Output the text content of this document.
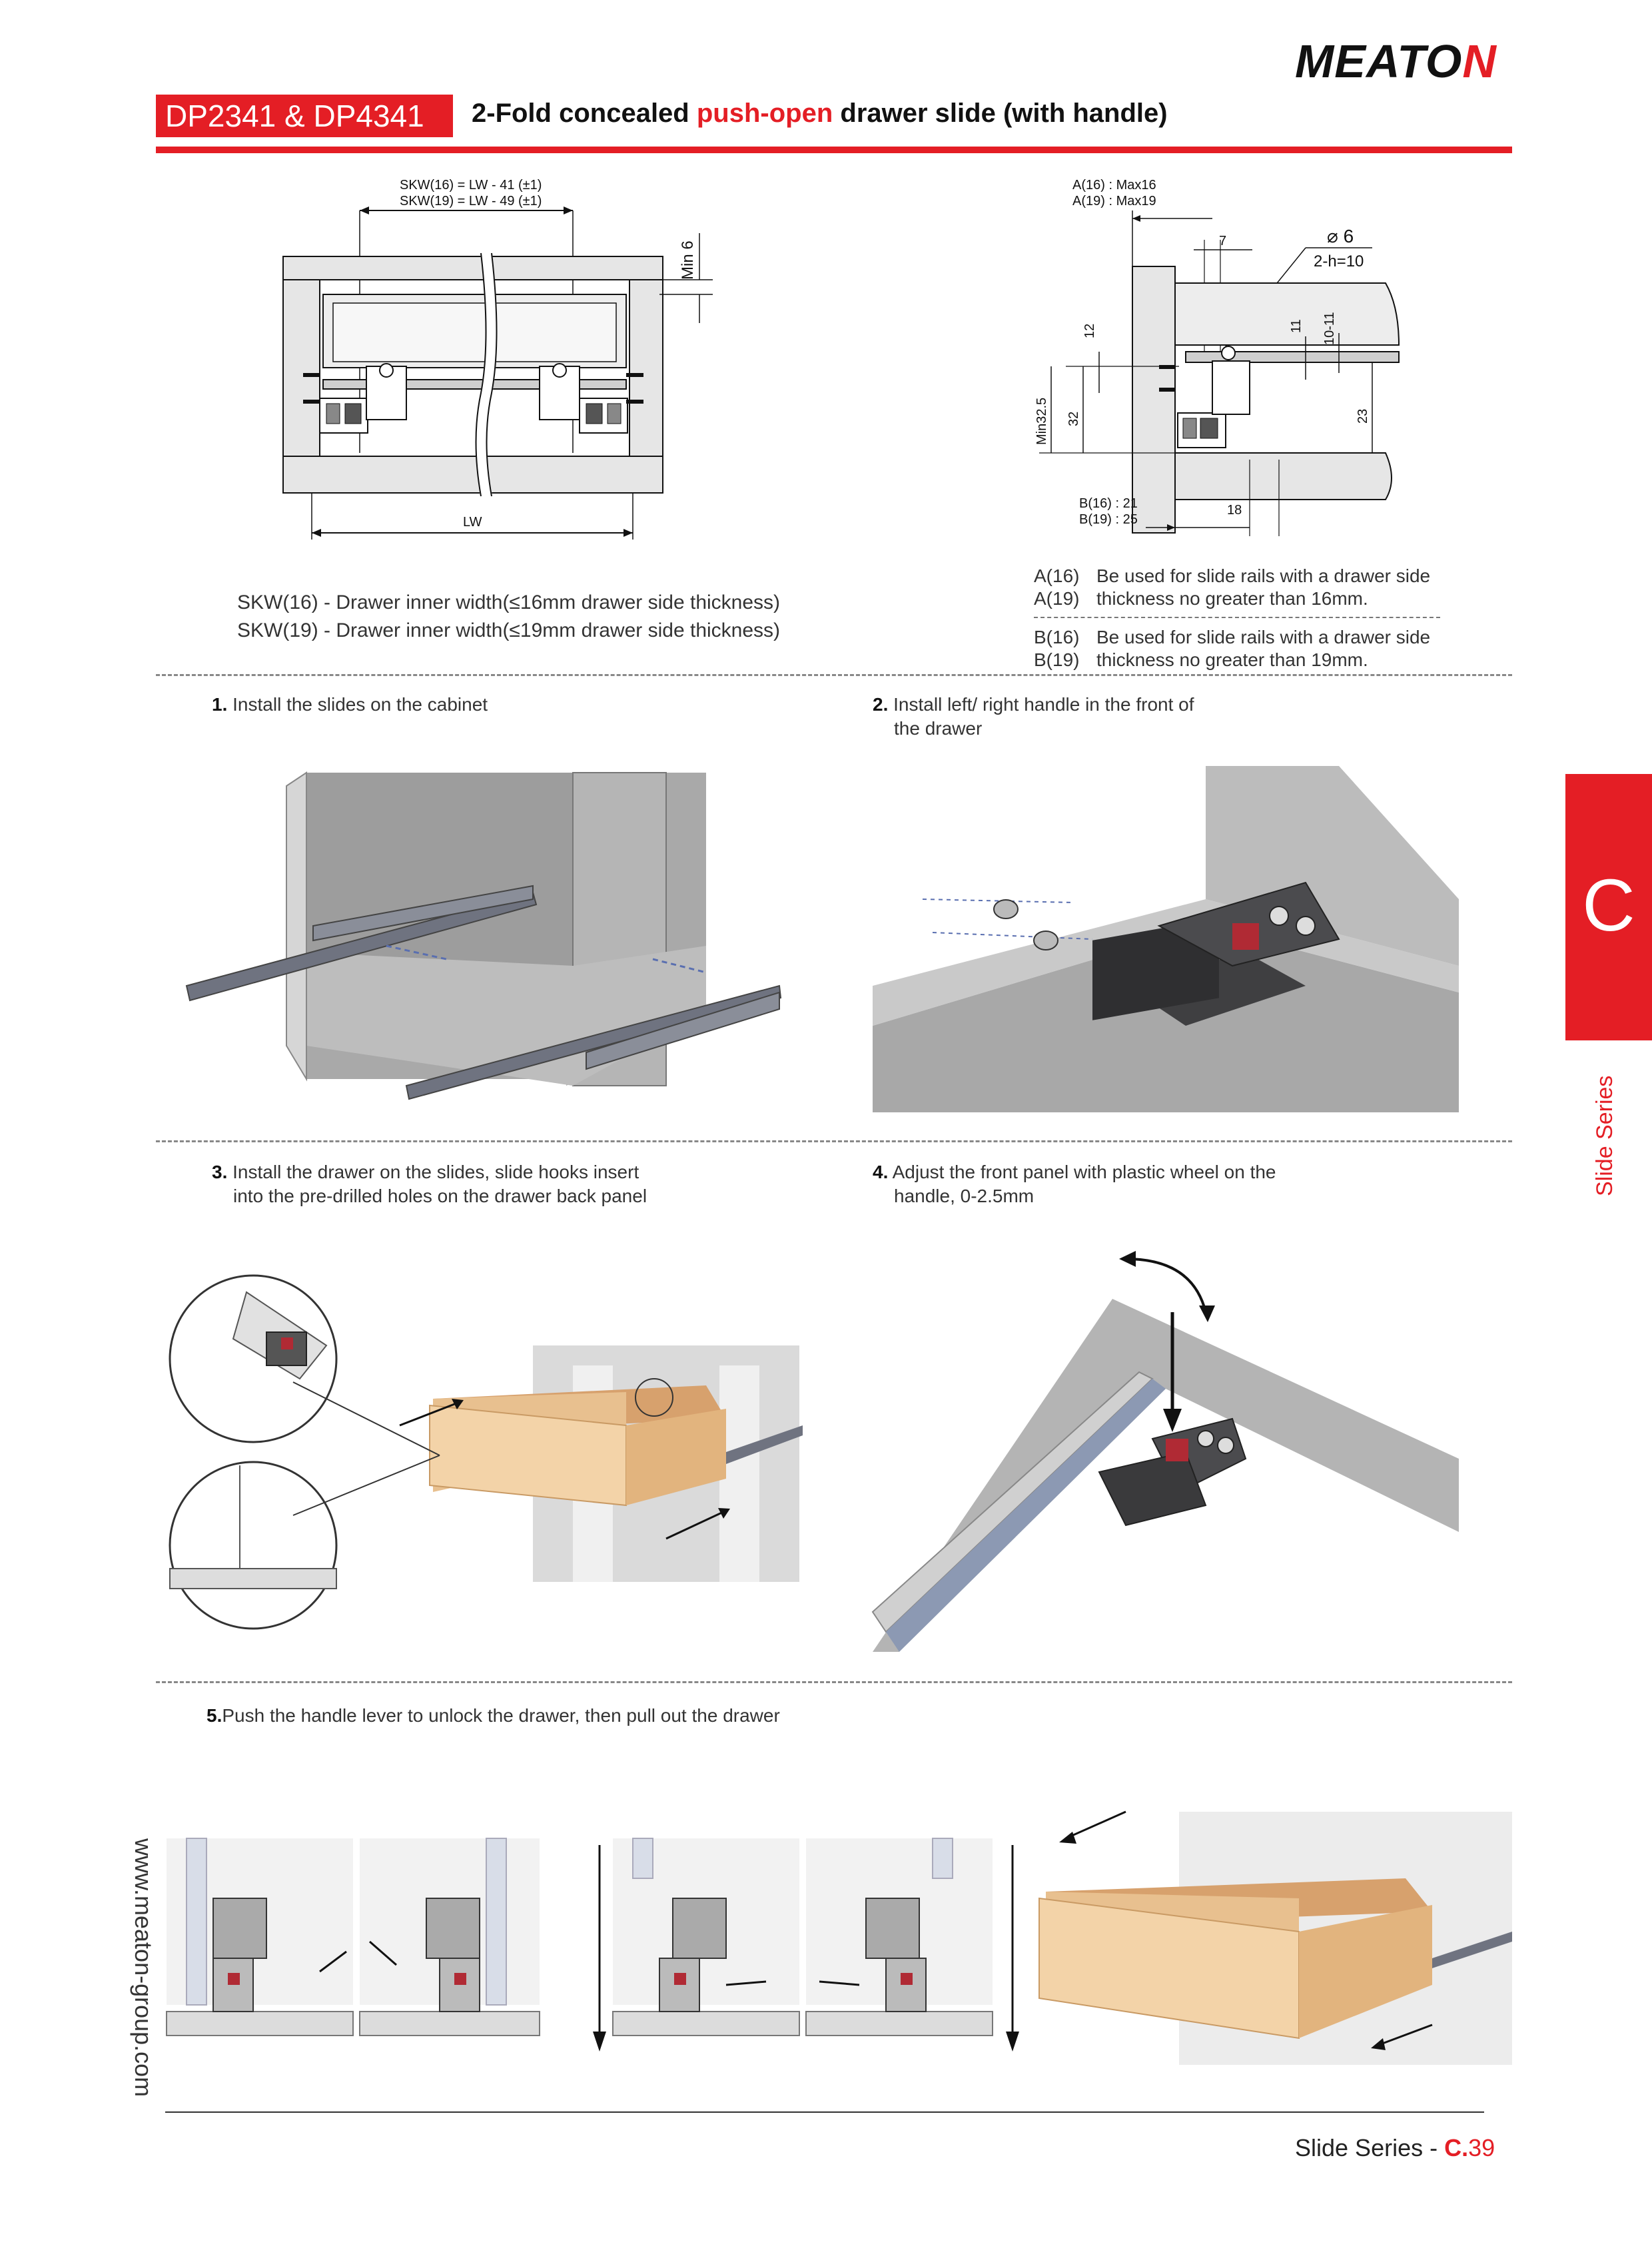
MEATON
DP2341 & DP4341	2-Fold concealed push-open drawer slide (with handle)
SKW(16) = LW - 41 (±1)
SKW(19) = LW - 49 (±1)
Min 6
LW
A(16) : Max16
A(19) : Max19
7	⌀ 6
2-h=10
12
Min32.5 32
11 10-11
23
B(16) : 21
B(19) : 25
18
SKW(16) - Drawer inner width(≤16mm drawer side thickness)
SKW(19) - Drawer inner width(≤19mm drawer side thickness)
A(16) Be used for slide rails with a drawer side
A(19) thickness no greater than 16mm.
B(16) Be used for slide rails with a drawer side
B(19) thickness no greater than 19mm.
1. Install the slides on the cabinet	2. Install left/ right handle in the front of
the drawer
3. Install the drawer on the slides, slide hooks insert
into the pre-drilled holes on the drawer back panel
4. Adjust the front panel with plastic wheel on the
handle, 0-2.5mm
5.Push the handle lever to unlock the drawer, then pull out the drawer
C
Slide Series
www.meaton-group.com
Slide Series - C.39
